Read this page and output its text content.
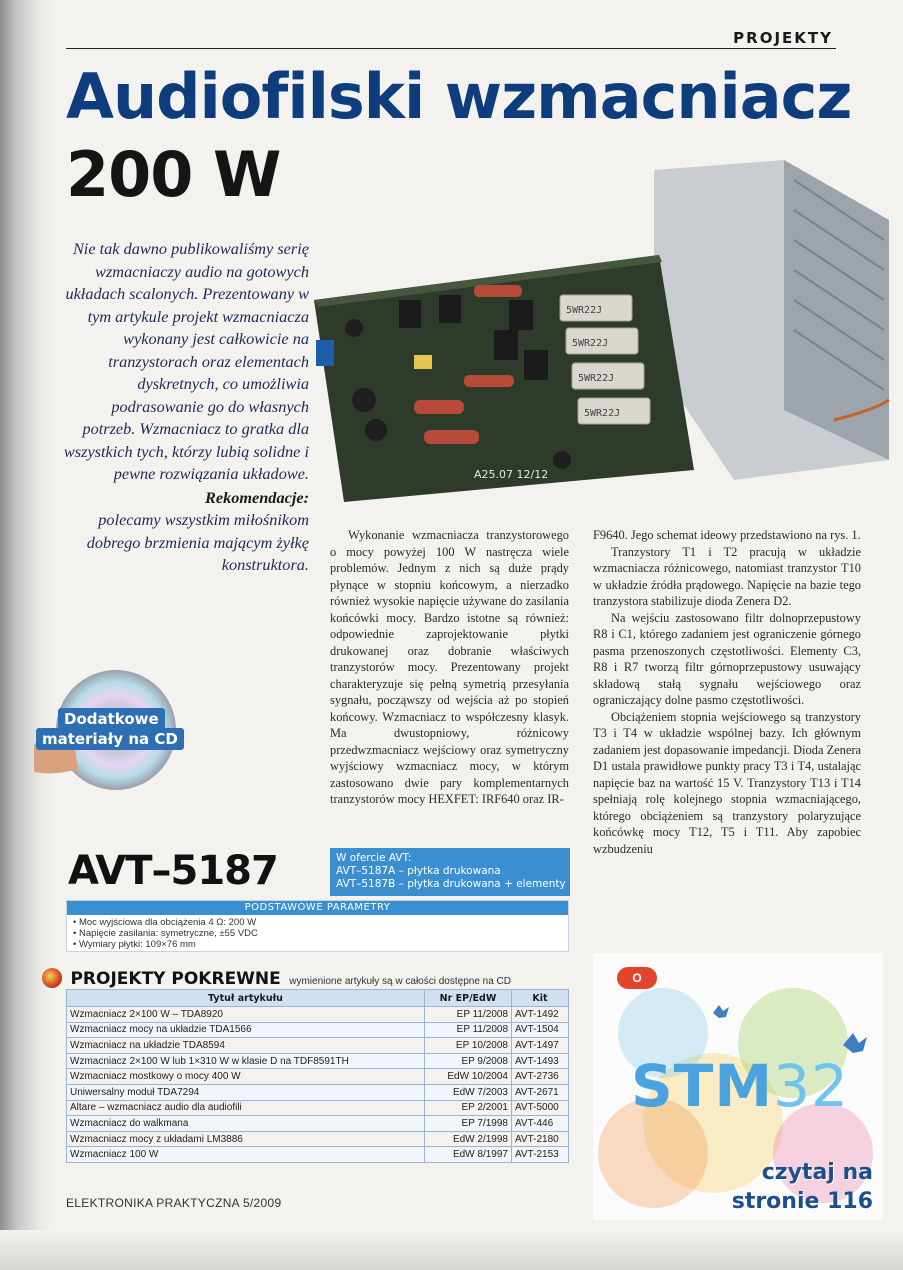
PROJEKTY
Audiofilski wzmacniacz
200 W

Nie tak dawno publikowaliśmy serię wzmacniaczy audio na gotowych układach scalonych. Prezentowany w tym artykule projekt wzmacniacza wykonany jest całkowicie na tranzystorach oraz elementach dyskretnych, co umożliwia podrasowanie go do własnych potrzeb. Wzmacniacz to gratka dla wszystkich tych, którzy lubią solidne i pewne rozwiązania układowe.

Rekomendacje:

polecamy wszystkim miłośnikom dobrego brzmienia mającym żyłkę konstruktora.

5WR22J
5WR22J
5WR22J
5WR22J
A25.07 12/12
Dodatkowe
materiały na CD

Wykonanie wzmacniacza tranzystorowego o mocy powyżej 100 W nastręcza wiele problemów. Jednym z nich są duże prądy płynące w stopniu końcowym, a nierzadko również wysokie napięcie używane do zasilania końcówki mocy. Bardzo istotne są również: odpowiednie zaprojektowanie płytki drukowanej oraz dobranie właściwych tranzystorów mocy. Prezentowany projekt charakteryzuje się pełną symetrią przesyłania sygnału, począwszy od wejścia aż po stopień końcowy. Wzmacniacz to współczesny klasyk. Ma dwustopniowy, różnicowy przedwzmacniacz wejściowy oraz symetryczny wyjściowy wzmacniacz mocy, w którym zastosowano dwie pary komplementarnych tranzystorów mocy HEXFET: IRF640 oraz IR-

F9640. Jego schemat ideowy przedstawiono na rys. 1.

Tranzystory T1 i T2 pracują w układzie wzmacniacza różnicowego, natomiast tranzystor T10 w układzie źródła prądowego. Napięcie na bazie tego tranzystora stabilizuje dioda Zenera D2.

Na wejściu zastosowano filtr dolnoprzepustowy R8 i C1, którego zadaniem jest ograniczenie górnego pasma przenoszonych częstotliwości. Elementy C3, R8 i R7 tworzą filtr górnoprzepustowy usuwający składową stałą sygnału wejściowego oraz ograniczający dolne pasmo częstotliwości.

Obciążeniem stopnia wejściowego są tranzystory T3 i T4 w układzie wspólnej bazy. Ich głównym zadaniem jest dopasowanie impedancji. Dioda Zenera D1 ustala prawidłowe punkty pracy T3 i T4, ustalając napięcie baz na wartość 15 V. Tranzystory T13 i T14 spełniają rolę kolejnego stopnia wzmacniającego, którego obciążeniem są tranzystory polaryzujące końcówkę mocy T12, T5 i T11. Aby zapobiec wzbudzeniu

AVT–5187	W ofercie AVT:
AVT–5187A – płytka drukowana
AVT–5187B – płytka drukowana + elementy
PODSTAWOWE PARAMETRY
• Moc wyjściowa dla obciążenia 4 Ω: 200 W
• Napięcie zasilania: symetryczne, ±55 VDC
• Wymiary płytki: 109×76 mm
PROJEKTY POKREWNE wymienione artykuły są w całości dostępne na CD
Tytuł artykułu	Nr EP/EdW	Kit
Wzmacniacz 2×100 W – TDA8920	EP 11/2008	AVT-1492
Wzmacniacz mocy na układzie TDA1566	EP 11/2008	AVT-1504
Wzmacniacz na układzie TDA8594	EP 10/2008	AVT-1497
Wzmacniacz 2×100 W lub 1×310 W w klasie D na TDF8591TH	EP 9/2008	AVT-1493
Wzmacniacz mostkowy o mocy 400 W	EdW 10/2004	AVT-2736
Uniwersalny moduł TDA7294	EdW 7/2003	AVT-2671
Altare – wzmacniacz audio dla audiofili	EP 2/2001	AVT-5000
Wzmacniacz do walkmana	EP 7/1998	AVT-446
Wzmacniacz mocy z układami LM3886	EdW 2/1998	AVT-2180
Wzmacniacz 100 W	EdW 8/1997	AVT-2153
ELEKTRONIKA PRAKTYCZNA 5/2009
O
STM32
czytaj na
stronie 116
